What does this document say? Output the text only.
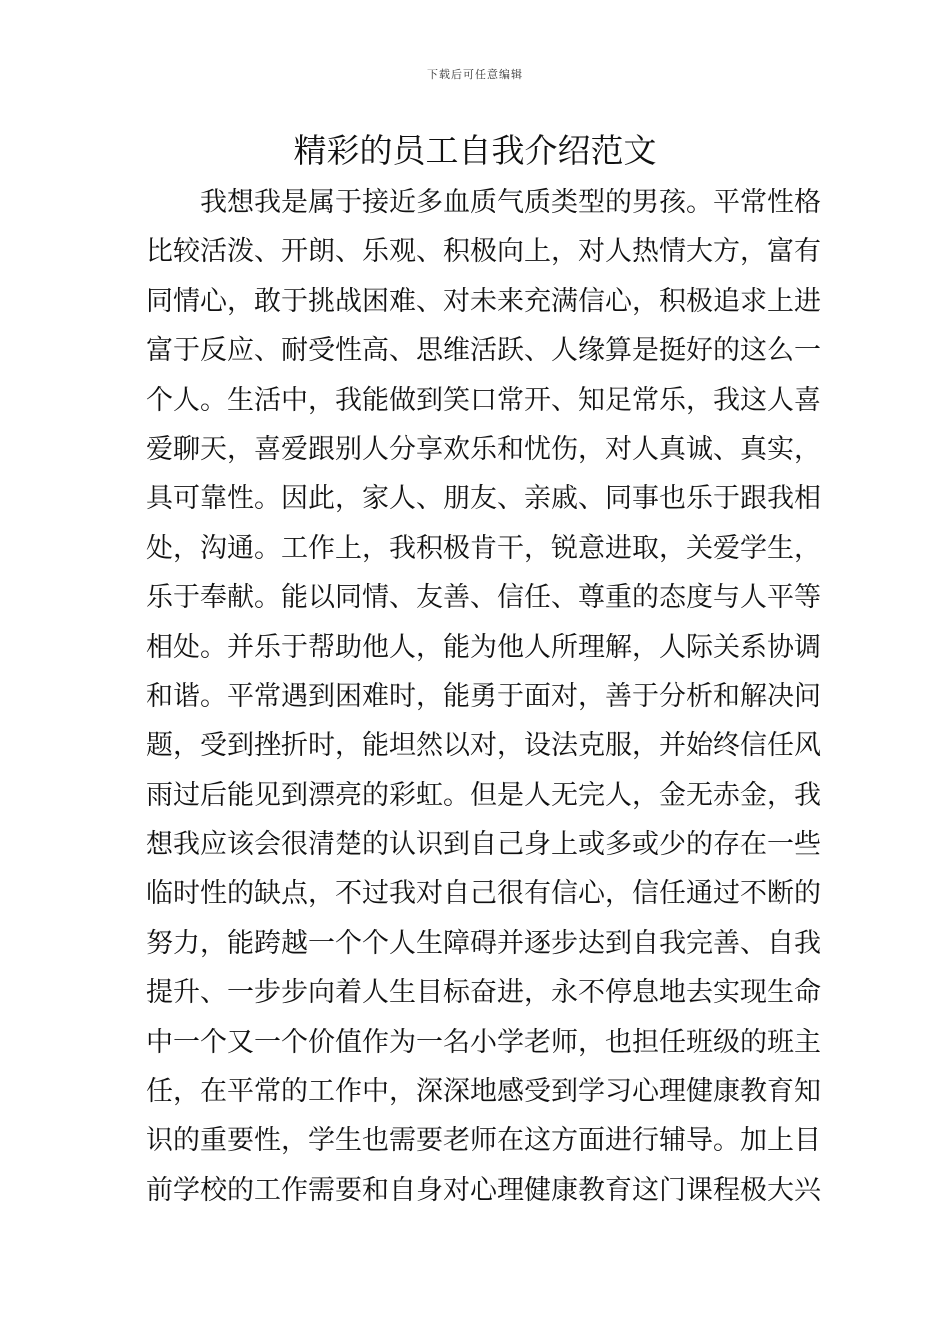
下载后可任意编辑
精彩的员工自我介绍范文
我想我是属于接近多血质气质类型的男孩。平常性格
比较活泼、开朗、乐观、积极向上，对人热情大方，富有
同情心，敢于挑战困难、对未来充满信心，积极追求上进
富于反应、耐受性高、思维活跃、人缘算是挺好的这么一
个人。生活中，我能做到笑口常开、知足常乐，我这人喜
爱聊天，喜爱跟别人分享欢乐和忧伤，对人真诚、真实，
具可靠性。因此，家人、朋友、亲戚、同事也乐于跟我相
处，沟通。工作上，我积极肯干，锐意进取，关爱学生，
乐于奉献。能以同情、友善、信任、尊重的态度与人平等
相处。并乐于帮助他人，能为他人所理解，人际关系协调
和谐。平常遇到困难时，能勇于面对，善于分析和解决问
题，受到挫折时，能坦然以对，设法克服，并始终信任风
雨过后能见到漂亮的彩虹。但是人无完人，金无赤金，我
想我应该会很清楚的认识到自己身上或多或少的存在一些
临时性的缺点，不过我对自己很有信心，信任通过不断的
努力，能跨越一个个人生障碍并逐步达到自我完善、自我
提升、一步步向着人生目标奋进，永不停息地去实现生命
中一个又一个价值作为一名小学老师，也担任班级的班主
任，在平常的工作中，深深地感受到学习心理健康教育知
识的重要性，学生也需要老师在这方面进行辅导。加上目
前学校的工作需要和自身对心理健康教育这门课程极大兴
